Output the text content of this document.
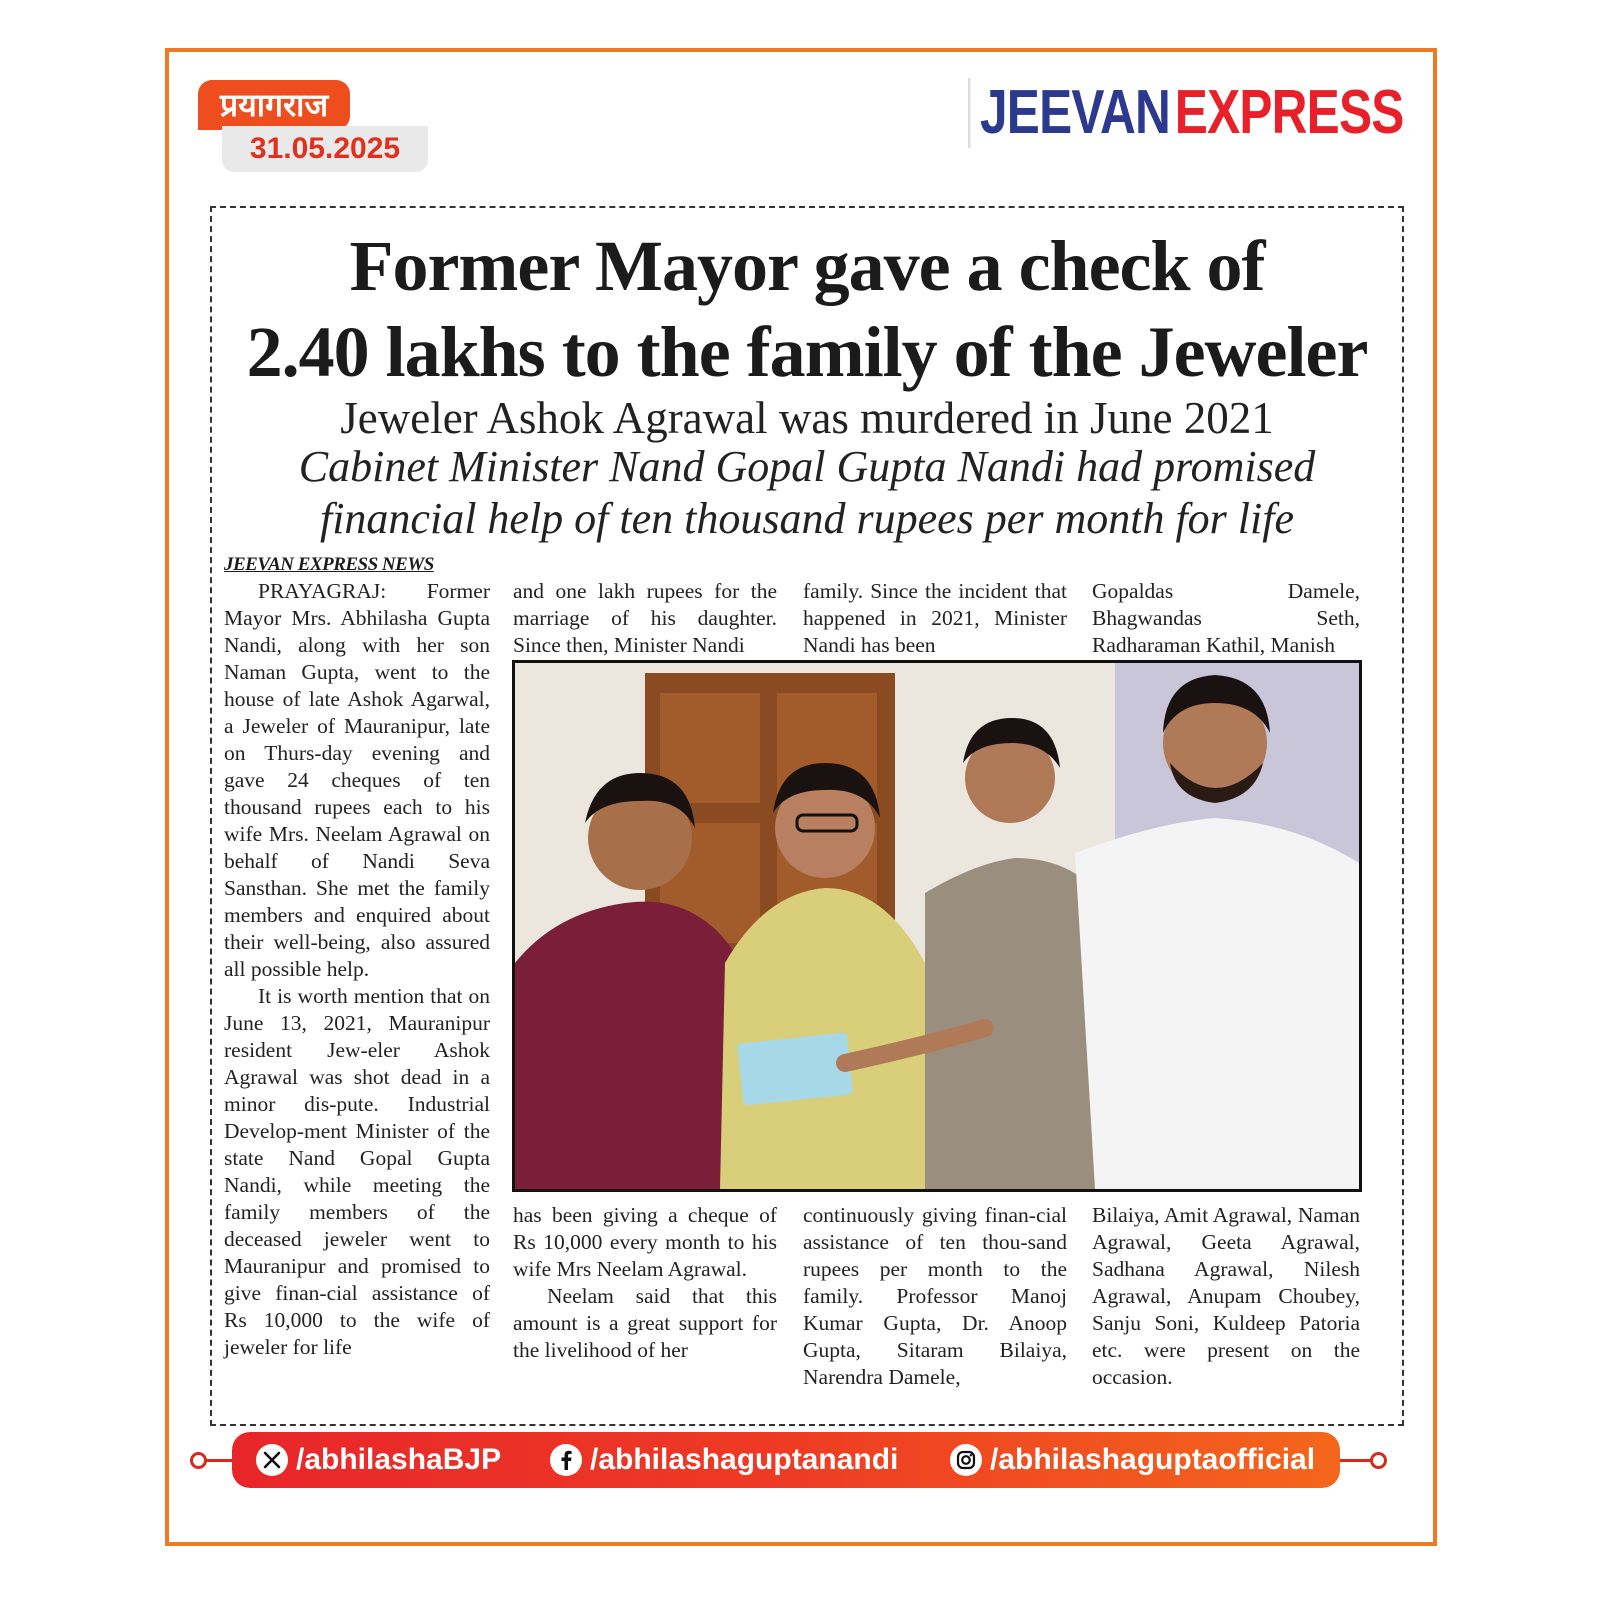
प्रयागराज
31.05.2025
JEEVANEXPRESS
Former Mayor gave a check of
2.40 lakhs to the family of the Jeweler
Jeweler Ashok Agrawal was murdered in June 2021
Cabinet Minister Nand Gopal Gupta Nandi had promised
financial help of ten thousand rupees per month for life
JEEVAN EXPRESS NEWS

PRAYAGRAJ: Former Mayor Mrs. Abhilasha Gupta Nandi, along with her son Naman Gupta, went to the house of late Ashok Agarwal, a Jeweler of Mauranipur, late on Thurs-day evening and gave 24 cheques of ten thousand rupees each to his wife Mrs. Neelam Agrawal on behalf of Nandi Seva Sansthan. She met the family members and enquired about their well-being, also assured all possible help.

It is worth mention that on June 13, 2021, Mauranipur resident Jew-eler Ashok Agrawal was shot dead in a minor dis-pute. Industrial Develop-ment Minister of the state Nand Gopal Gupta Nandi, while meeting the family members of the deceased jeweler went to Mauranipur and promised to give finan-cial assistance of Rs 10,000 to the wife of jeweler for life

and one lakh rupees for the marriage of his daughter. Since then, Minister Nandi

family. Since the incident that happened in 2021, Minister Nandi has been

Gopaldas Damele, Bhagwandas Seth, Radharaman Kathil, Manish

has been giving a cheque of Rs 10,000 every month to his wife Mrs Neelam Agrawal.

Neelam said that this amount is a great support for the livelihood of her

continuously giving finan-cial assistance of ten thou-sand rupees per month to the family. Professor Manoj Kumar Gupta, Dr. Anoop Gupta, Sitaram Bilaiya, Narendra Damele,

Bilaiya, Amit Agrawal, Naman Agrawal, Geeta Agrawal, Sadhana Agrawal, Nilesh Agrawal, Anupam Choubey, Sanju Soni, Kuldeep Patoria etc. were present on the occasion.

/abhilashaBJP	/abhilashaguptanandi	/abhilashaguptaofficial
